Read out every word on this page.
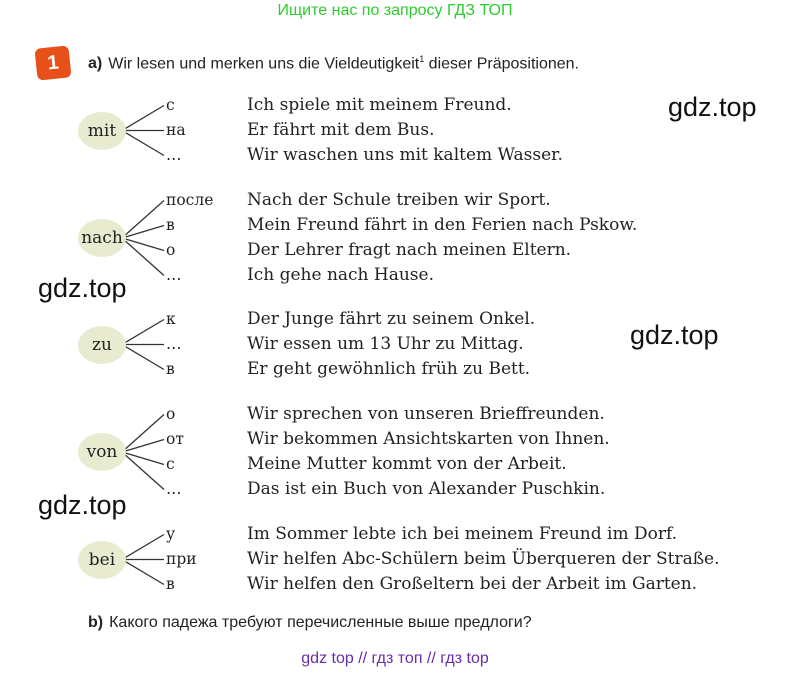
Ищите нас по запросу ГДЗ ТОП
1	a) Wir lesen und merken uns die Vieldeutigkeit$^1$ dieser Präpositionen.
mit
с	Ich spiele mit meinem Freund.
на	Er fährt mit dem Bus.
…	Wir waschen uns mit kaltem Wasser.
nach
после Nach der Schule treiben wir Sport.
в	Mein Freund fährt in den Ferien nach Pskow.
о	Der Lehrer fragt nach meinen Eltern.
…	Ich gehe nach Hause.
zu
к	Der Junge fährt zu seinem Onkel.
…	Wir essen um 13 Uhr zu Mittag.
в	Er geht gewöhnlich früh zu Bett.
von
о	Wir sprechen von unseren Brieffreunden.
от	Wir bekommen Ansichtskarten von Ihnen.
с	Meine Mutter kommt von der Arbeit.
…	Das ist ein Buch von Alexander Puschkin.
bei
у	Im Sommer lebte ich bei meinem Freund im Dorf.
при	Wir helfen Abc-Schülern beim Überqueren der Straße.
в	Wir helfen den Großeltern bei der Arbeit im Garten.
gdz.top
gdz.top
gdz.top
gdz.top
b) Какого падежа требуют перечисленные выше предлоги?
gdz top // гдз топ // гдз top
